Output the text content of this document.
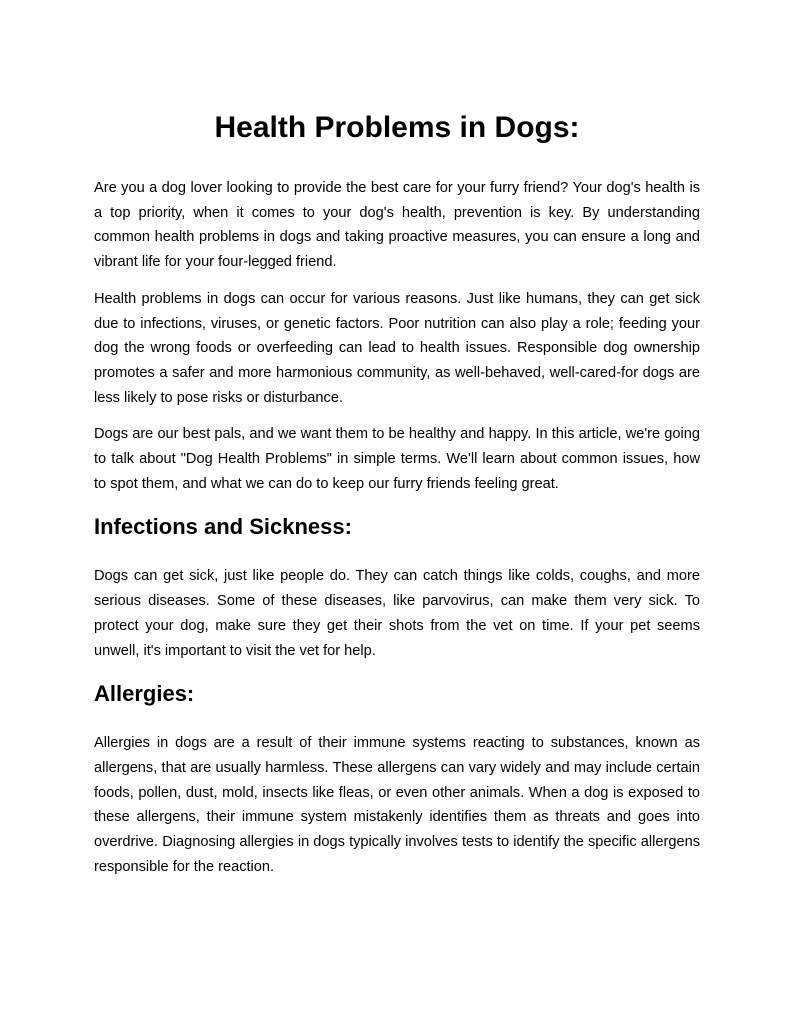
Health Problems in Dogs:

Are you a dog lover looking to provide the best care for your furry friend? Your dog's health is a top priority, when it comes to your dog's health, prevention is key. By understanding common health problems in dogs and taking proactive measures, you can ensure a long and vibrant life for your four-legged friend.

Health problems in dogs can occur for various reasons. Just like humans, they can get sick due to infections, viruses, or genetic factors. Poor nutrition can also play a role; feeding your dog the wrong foods or overfeeding can lead to health issues. Responsible dog ownership promotes a safer and more harmonious community, as well-behaved, well-cared-for dogs are less likely to pose risks or disturbance.

Dogs are our best pals, and we want them to be healthy and happy. In this article, we're going to talk about "Dog Health Problems" in simple terms. We'll learn about common issues, how to spot them, and what we can do to keep our furry friends feeling great.

Infections and Sickness:

Dogs can get sick, just like people do. They can catch things like colds, coughs, and more serious diseases. Some of these diseases, like parvovirus, can make them very sick. To protect your dog, make sure they get their shots from the vet on time. If your pet seems unwell, it's important to visit the vet for help.

Allergies:

Allergies in dogs are a result of their immune systems reacting to substances, known as allergens, that are usually harmless. These allergens can vary widely and may include certain foods, pollen, dust, mold, insects like fleas, or even other animals. When a dog is exposed to these allergens, their immune system mistakenly identifies them as threats and goes into overdrive. Diagnosing allergies in dogs typically involves tests to identify the specific allergens responsible for the reaction.
